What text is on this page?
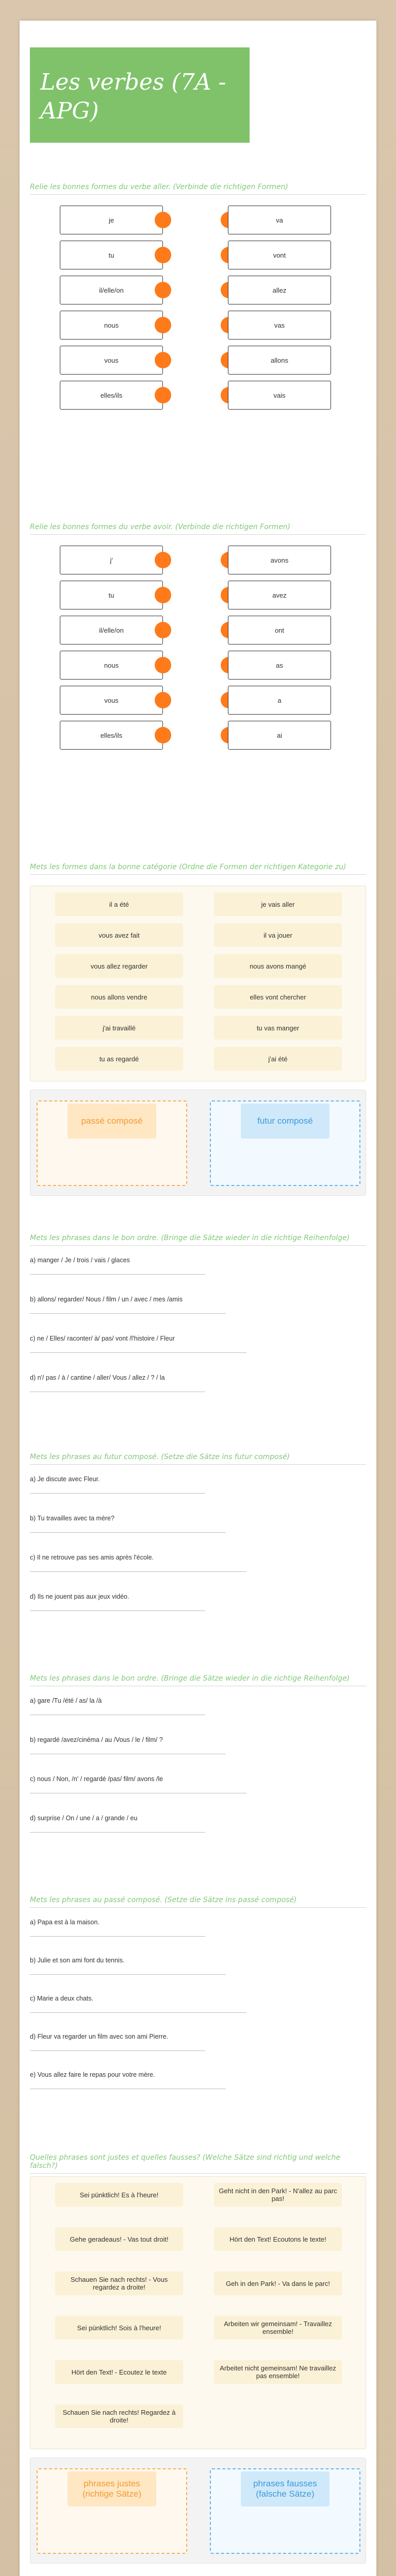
Les verbes (7A - APG)
Relie les bonnes formes du verbe aller. (Verbinde die richtigen Formen)
je	va
tu	vont
il/elle/on	allez
nous	vas
vous	allons
elles/ils	vais
Relie les bonnes formes du verbe avoir. (Verbinde die richtigen Formen)
j'	avons
tu	avez
il/elle/on	ont
nous	as
vous	a
elles/ils	ai
Mets les formes dans la bonne catégorie (Ordne die Formen der richtigen Kategorie zu)
il a été	je vais aller
vous avez fait	il va jouer
vous allez regarder	nous avons mangé
nous allons vendre	elles vont chercher
j'ai travaillé	tu vas manger
tu as regardé	j'ai été
passé composé	futur composé
Mets les phrases dans le bon ordre. (Bringe die Sätze wieder in die richtige Reihenfolge)
a) manger / Je / trois / vais / glaces
b) allons/ regarder/ Nous / film / un / avec / mes /amis
c) ne / Elles/ raconter/ à/ pas/ vont /l'histoire / Fleur
d) n'/ pas / à / cantine / aller/ Vous / allez / ? / la
Mets les phrases au futur composé. (Setze die Sätze ins futur composé)
a) Je discute avec Fleur.
b) Tu travailles avec ta mère?
c) Il ne retrouve pas ses amis après l'école.
d) Ils ne jouent pas aux jeux vidéo.
Mets les phrases dans le bon ordre. (Bringe die Sätze wieder in die richtige Reihenfolge)
a) gare /Tu /été / as/ la /à
b) regardé /avez/cinéma / au /Vous / le / film/ ?
c) nous / Non, /n' / regardé /pas/ film/ avons /le
d) surprise / On / une / a / grande / eu
Mets les phrases au passé composé. (Setze die Sätze ins passé composé)
a) Papa est à la maison.
b) Julie et son ami font du tennis.
c) Marie a deux chats.
d) Fleur va regarder un film avec son ami Pierre.
e) Vous allez faire le repas pour votre mère.
Quelles phrases sont justes et quelles fausses? (Welche Sätze sind richtig und welche falsch?)
Sei pünktlich! Es à l'heure!	Geht nicht in den Park! - N'allez au parc pas!
Gehe geradeaus! - Vas tout droit!	Hört den Text! Ecoutons le texte!
Schauen Sie nach rechts! - Vous regardez a droite!	Geh in den Park! - Va dans le parc!
Sei pünktlich! Sois à l'heure!	Arbeiten wir gemeinsam! - Travaillez ensemble!
Hört den Text! - Ecoutez le texte	Arbeitet nicht gemeinsam! Ne travaillez pas ensemble!
Schauen Sie nach rechts! Regardez à droite!
phrases justes (richtige Sätze)
phrases fausses (falsche Sätze)
